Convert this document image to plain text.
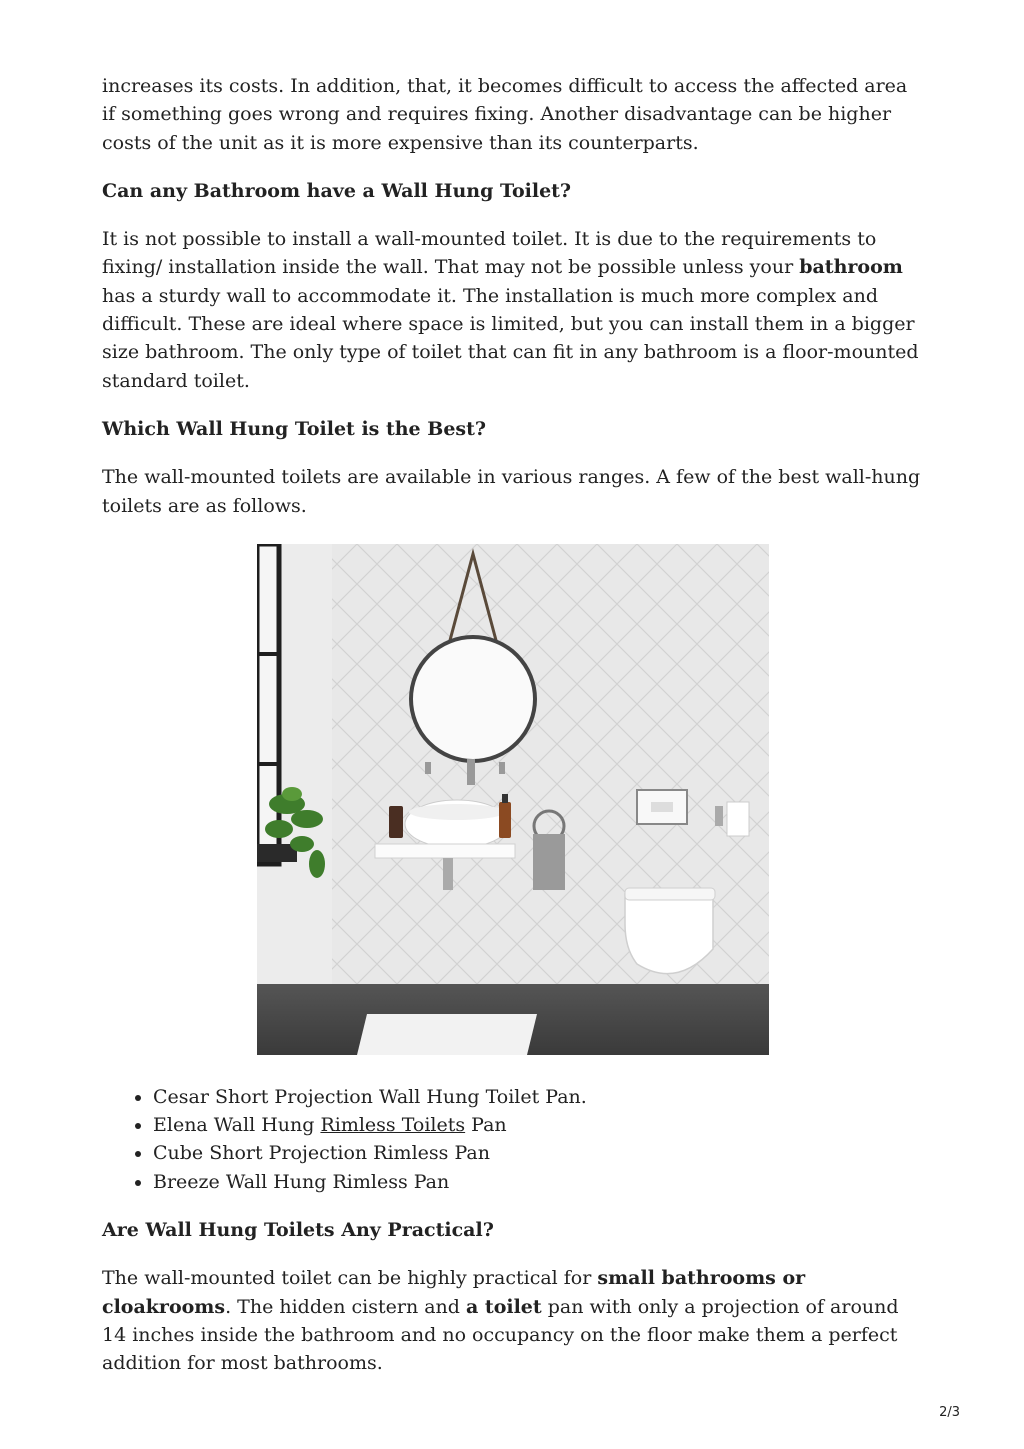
increases its costs. In addition, that, it becomes difficult to access the affected area if something goes wrong and requires fixing. Another disadvantage can be higher costs of the unit as it is more expensive than its counterparts.

Can any Bathroom have a Wall Hung Toilet?

It is not possible to install a wall-mounted toilet. It is due to the requirements to fixing/ installation inside the wall. That may not be possible unless your bathroom has a sturdy wall to accommodate it. The installation is much more complex and difficult. These are ideal where space is limited, but you can install them in a bigger size bathroom. The only type of toilet that can fit in any bathroom is a floor-mounted standard toilet.

Which Wall Hung Toilet is the Best?

The wall-mounted toilets are available in various ranges. A few of the best wall-hung toilets are as follows.

• Cesar Short Projection Wall Hung Toilet Pan.
• Elena Wall Hung Rimless Toilets Pan
• Cube Short Projection Rimless Pan
• Breeze Wall Hung Rimless Pan
Are Wall Hung Toilets Any Practical?

The wall-mounted toilet can be highly practical for small bathrooms or cloakrooms. The hidden cistern and a toilet pan with only a projection of around 14 inches inside the bathroom and no occupancy on the floor make them a perfect addition for most bathrooms.

2/3
